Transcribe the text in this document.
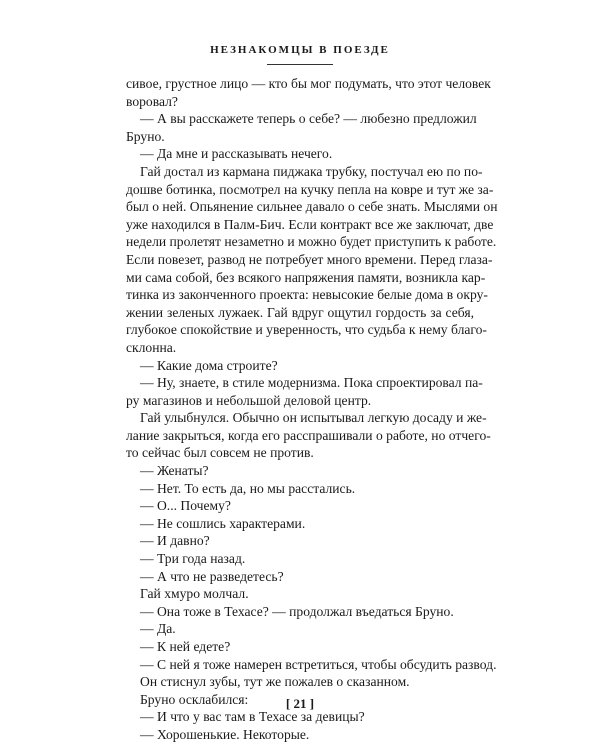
НЕЗНАКОМЦЫ В ПОЕЗДЕ
сивое, грустное лицо — кто бы мог подумать, что этот человек
воровал?
— А вы расскажете теперь о себе? — любезно предложил
Бруно.
— Да мне и рассказывать нечего.
Гай достал из кармана пиджака трубку, постучал ею по по-
дошве ботинка, посмотрел на кучку пепла на ковре и тут же за-
был о ней. Опьянение сильнее давало о себе знать. Мыслями он
уже находился в Палм-Бич. Если контракт все же заключат, две
недели пролетят незаметно и можно будет приступить к работе.
Если повезет, развод не потребует много времени. Перед глаза-
ми сама собой, без всякого напряжения памяти, возникла кар-
тинка из законченного проекта: невысокие белые дома в окру-
жении зеленых лужаек. Гай вдруг ощутил гордость за себя,
глубокое спокойствие и уверенность, что судьба к нему благо-
склонна.
— Какие дома строите?
— Ну, знаете, в стиле модернизма. Пока спроектировал па-
ру магазинов и небольшой деловой центр.
Гай улыбнулся. Обычно он испытывал легкую досаду и же-
лание закрыться, когда его расспрашивали о работе, но отчего-
то сейчас был совсем не против.
— Женаты?
— Нет. То есть да, но мы расстались.
— О... Почему?
— Не сошлись характерами.
— И давно?
— Три года назад.
— А что не разведетесь?
Гай хмуро молчал.
— Она тоже в Техасе? — продолжал въедаться Бруно.
— Да.
— К ней едете?
— С ней я тоже намерен встретиться, чтобы обсудить развод.
Он стиснул зубы, тут же пожалев о сказанном.
Бруно осклабился:
— И что у вас там в Техасе за девицы?
— Хорошенькие. Некоторые.
[ 21 ]
